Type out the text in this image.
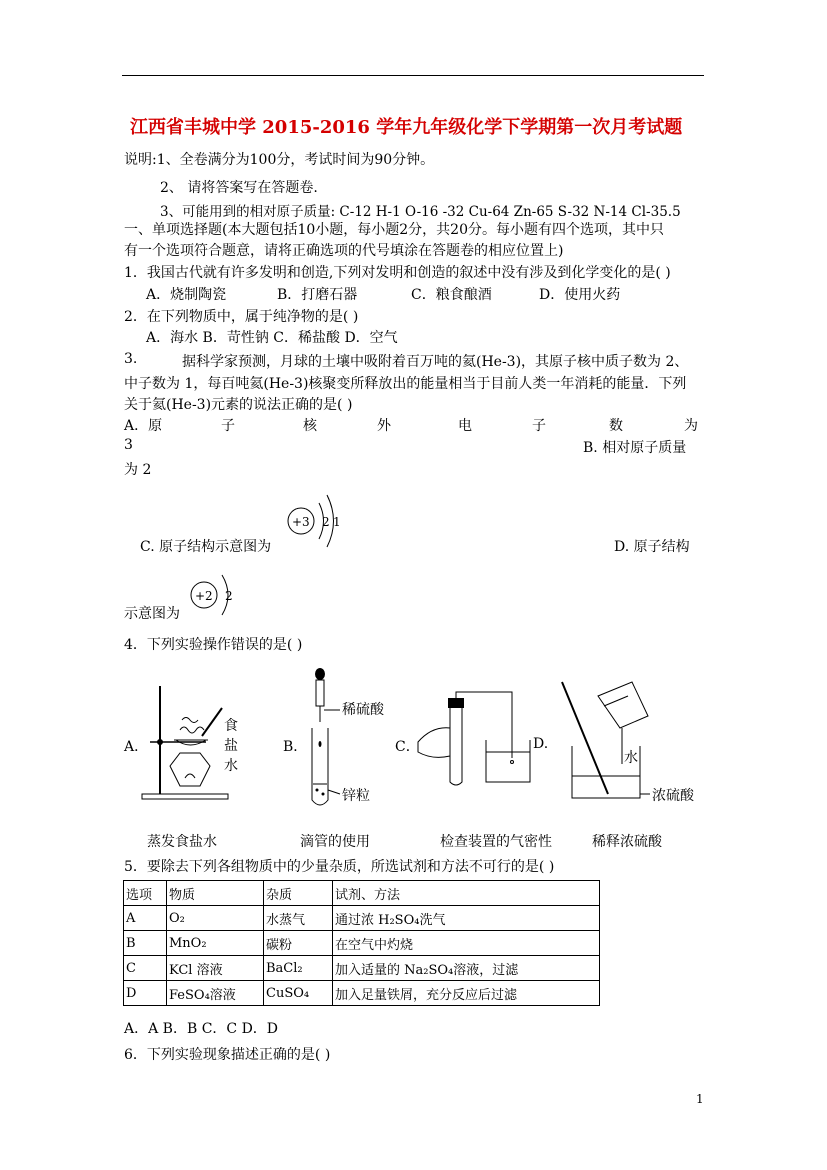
江西省丰城中学 2015-2016 学年九年级化学下学期第一次月考试题
说明:1、全卷满分为100分，考试时间为90分钟。
2、 请将答案写在答题卷.
3、可能用到的相对原子质量: C-12 H-1 O-16 -32 Cu-64 Zn-65 S-32 N-14 Cl-35.5
一、单项选择题(本大题包括10小题，每小题2分，共20分。每小题有四个选项，其中只
有一个选项符合题意，请将正确选项的代号填涂在答题卷的相应位置上)
1．我国古代就有许多发明和创造,下列对发明和创造的叙述中没有涉及到化学变化的是( )
A．烧制陶瓷	B．打磨石器	C．粮食酿酒	D．使用火药
2．在下列物质中，属于纯净物的是( )
A．海水 B．苛性钠 C．稀盐酸 D．空气
3.	据科学家预测，月球的土壤中吸附着百万吨的氦(He-3)，其原子核中质子数为 2、
中子数为 1，每百吨氦(He-3)核聚变所释放出的能量相当于目前人类一年消耗的能量．下列
关于氦(He-3)元素的说法正确的是( )
A．原	子	核	外	电	子	数	为
3	B. 相对原子质量
为 2
+3 2 1
C. 原子结构示意图为	D. 原子结构
+2 2
示意图为
4．下列实验操作错误的是( )
A．	B．	C．	D.
食
盐
水
稀硫酸
锌粒
水
浓硫酸
蒸发食盐水	滴管的使用	检查装置的气密性	稀释浓硫酸
5．要除去下列各组物质中的少量杂质，所选试剂和方法不可行的是( )
选项	物质	杂质	试剂、方法
A	O₂	水蒸气	通过浓 H₂SO₄洗气
B	MnO₂	碳粉	在空气中灼烧
C	KCl 溶液	BaCl₂	加入适量的 Na₂SO₄溶液，过滤
D	FeSO₄溶液	CuSO₄	加入足量铁屑，充分反应后过滤
A．A B．B C．C D．D
6．下列实验现象描述正确的是( )
1
